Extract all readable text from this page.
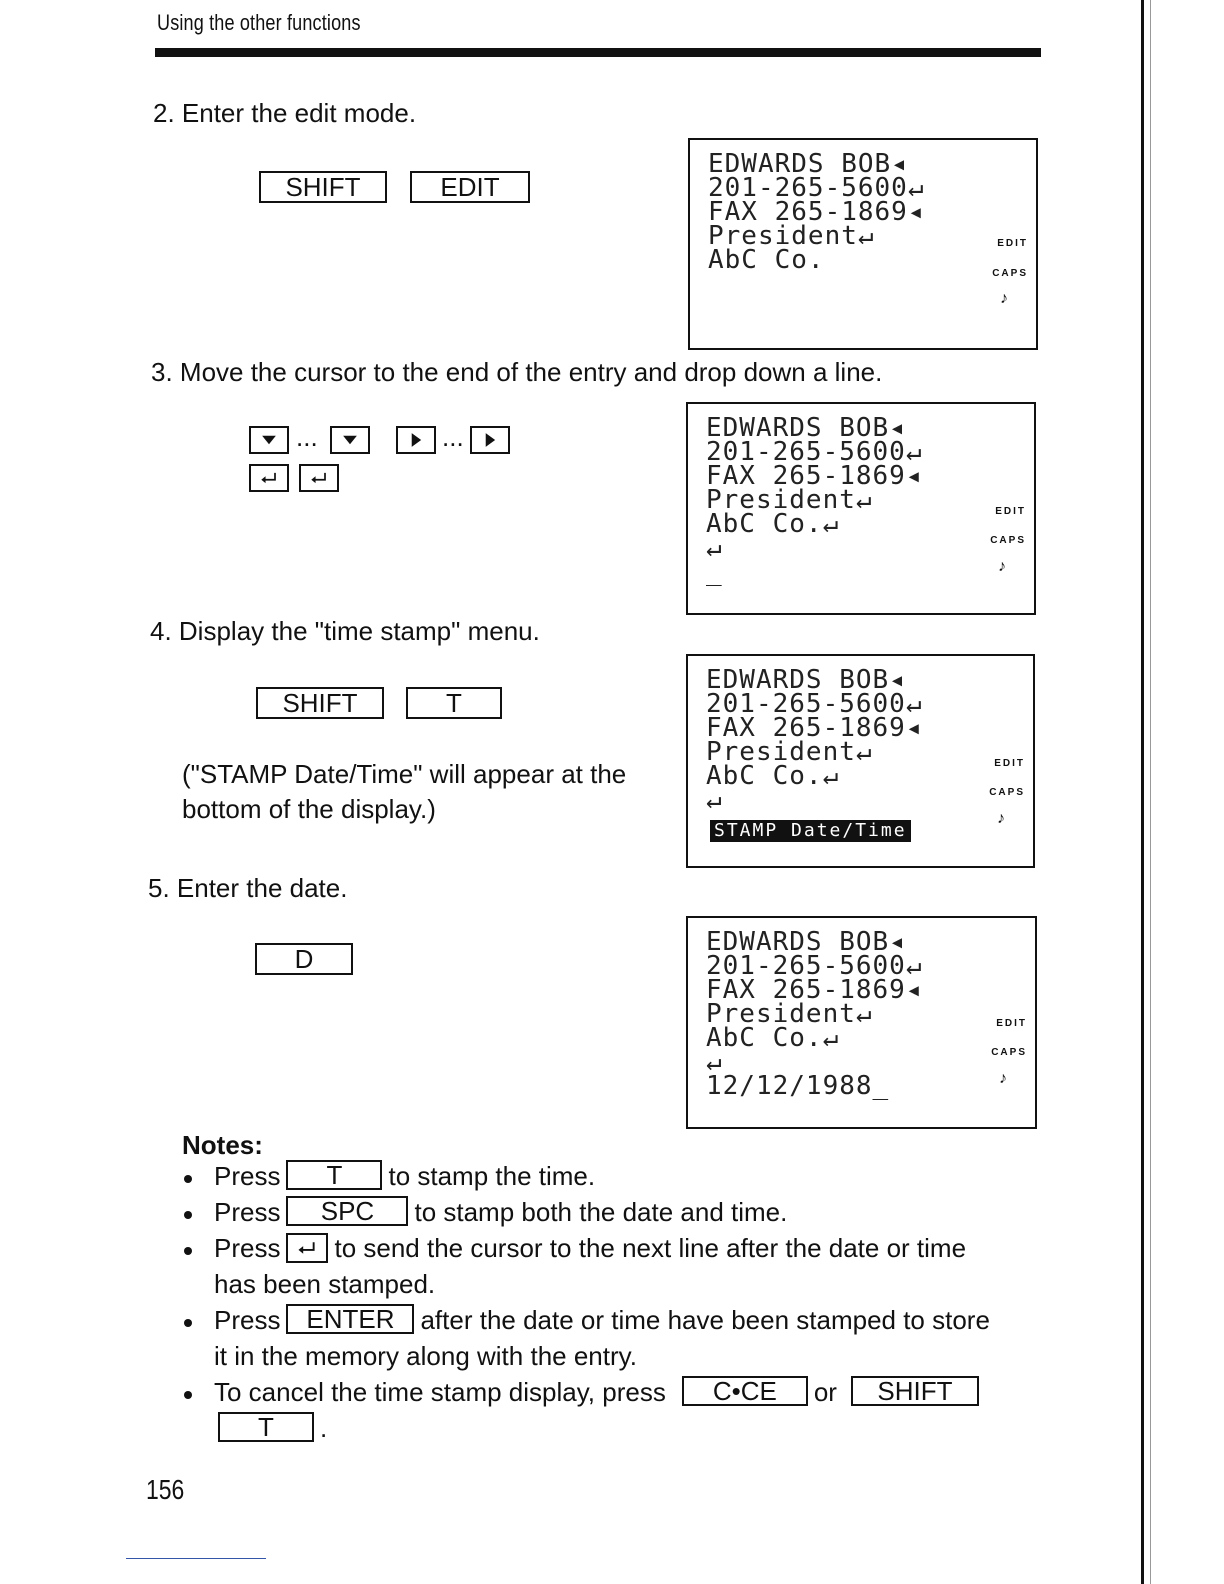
Using the other functions
2. Enter the edit mode.
SHIFT	EDIT
EDWARDS BOB◂
201-265-5600↵
FAX 265-1869◂
President↵
AbC Co.
EDIT
CAPS
♪
3. Move the cursor to the end of the entry and drop down a line.
...	...	EDWARDS BOB◂
201-265-5600↵
FAX 265-1869◂
President↵
AbC Co.↵
↵
_
EDIT
CAPS
♪
4. Display the "time stamp" menu.
SHIFT	T
("STAMP Date/Time" will appear at the
bottom of the display.)
EDWARDS BOB◂
201-265-5600↵
FAX 265-1869◂
President↵
AbC Co.↵
↵
STAMP Date/Time
EDIT
CAPS
♪
5. Enter the date.
D
EDWARDS BOB◂
201-265-5600↵
FAX 265-1869◂
President↵
AbC Co.↵
↵
12/12/1988_
EDIT
CAPS
♪
Notes:
Press T to stamp the time.
Press SPC to stamp both the date and time.
Press to send the cursor to the next line after the date or time
has been stamped.
Press ENTER after the date or time have been stamped to store
it in the memory along with the entry.
To cancel the time stamp display, press C•CE or SHIFT
T .
156
